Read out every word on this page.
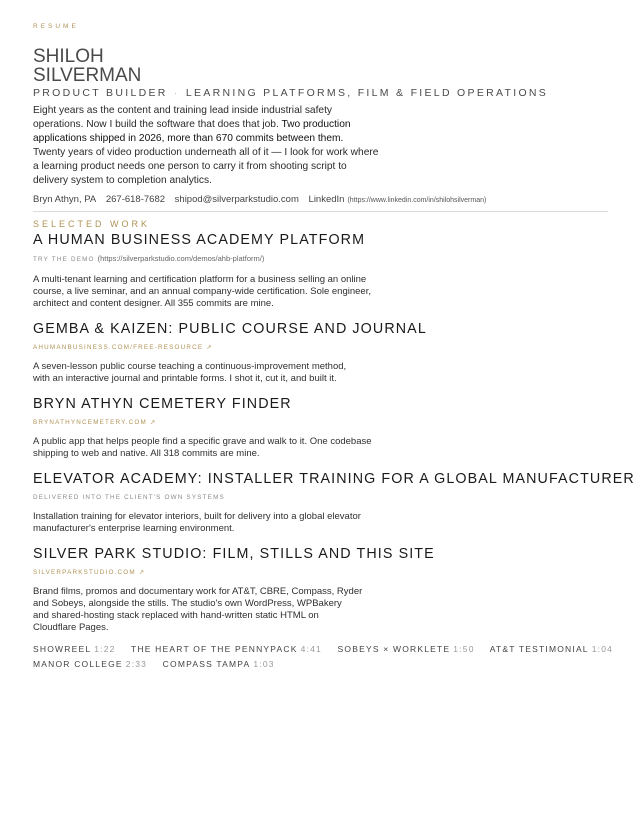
RESUME
SHILOH
SILVERMAN
PRODUCT BUILDER · LEARNING PLATFORMS, FILM & FIELD OPERATIONS
Eight years as the content and training lead inside industrial safety
operations. Now I build the software that does that job. Two production
applications shipped in 2026, more than 670 commits between them.
Twenty years of video production underneath all of it — I look for work where
a learning product needs one person to carry it from shooting script to
delivery system to completion analytics.
Bryn Athyn, PA 267-618-7682 shipod@silverparkstudio.com LinkedIn (https://www.linkedin.com/in/shilohsilverman)
SELECTED WORK
A HUMAN BUSINESS ACADEMY PLATFORM
TRY THE DEMO (https://silverparkstudio.com/demos/ahb-platform/)
A multi-tenant learning and certification platform for a business selling an online
course, a live seminar, and an annual company-wide certification. Sole engineer,
architect and content designer. All 355 commits are mine.
GEMBA & KAIZEN: PUBLIC COURSE AND JOURNAL
AHUMANBUSINESS.COM/FREE-RESOURCE ↗
A seven-lesson public course teaching a continuous-improvement method,
with an interactive journal and printable forms. I shot it, cut it, and built it.
BRYN ATHYN CEMETERY FINDER
BRYNATHYNCEMETERY.COM ↗
A public app that helps people find a specific grave and walk to it. One codebase
shipping to web and native. All 318 commits are mine.
ELEVATOR ACADEMY: INSTALLER TRAINING FOR A GLOBAL MANUFACTURER
DELIVERED INTO THE CLIENT'S OWN SYSTEMS
Installation training for elevator interiors, built for delivery into a global elevator
manufacturer's enterprise learning environment.
SILVER PARK STUDIO: FILM, STILLS AND THIS SITE
SILVERPARKSTUDIO.COM ↗
Brand films, promos and documentary work for AT&T, CBRE, Compass, Ryder
and Sobeys, alongside the stills. The studio's own WordPress, WPBakery
and shared-hosting stack replaced with hand-written static HTML on
Cloudflare Pages.
SHOWREEL 1:22 THE HEART OF THE PENNYPACK 4:41 SOBEYS × WORKLETE 1:50 AT&T TESTIMONIAL 1:04
MANOR COLLEGE 2:33 COMPASS TAMPA 1:03
